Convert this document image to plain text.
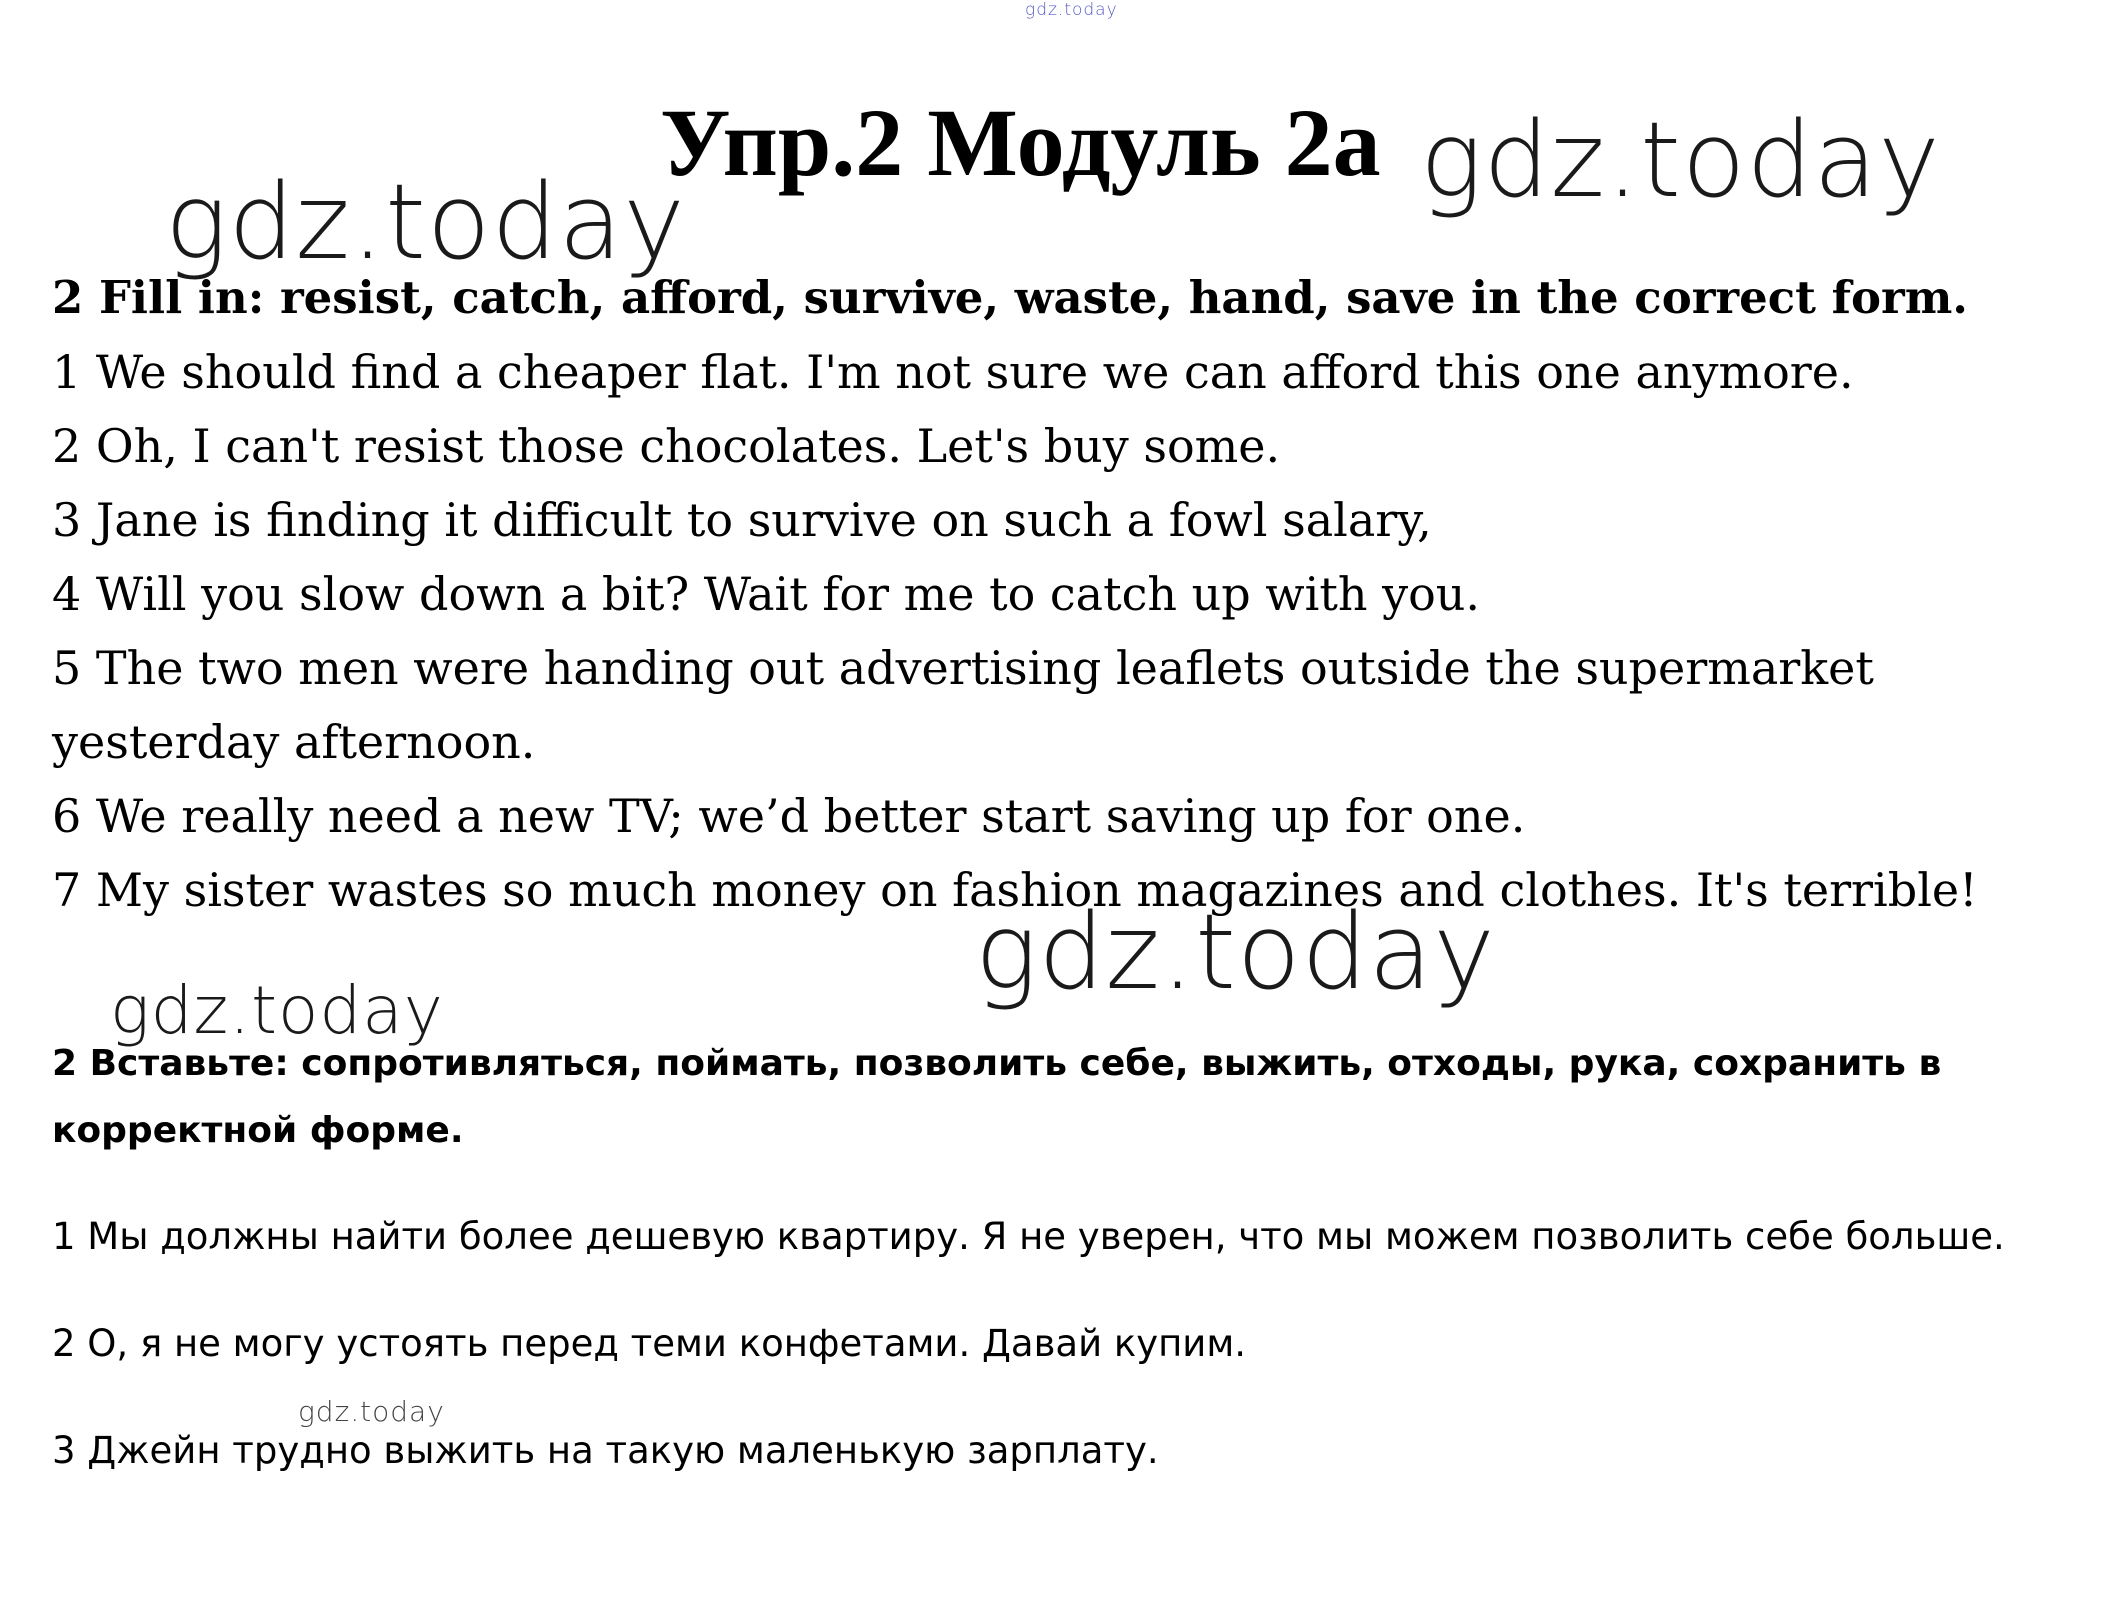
Упр.2 Модуль 2a
2 Fill in: resist, catch, afford, survive, waste, hand, save in the correct form.
1 We should find a cheaper flat. I'm not sure we can afford this one anymore.
2 Oh, I can't resist those chocolates. Let's buy some.
3 Jane is finding it difficult to survive on such a fowl salary,
4 Will you slow down a bit? Wait for me to catch up with you.
5 The two men were handing out advertising leaflets outside the supermarket
yesterday afternoon.
6 We really need a new TV; we’d better start saving up for one.
7 My sister wastes so much money on fashion magazines and clothes. It's terrible!
2 Вставьте: сопротивляться, поймать, позволить себе, выжить, отходы, рука, сохранить в
корректной форме.
1 Мы должны найти более дешевую квартиру. Я не уверен, что мы можем позволить себе больше.
2 О, я не могу устоять перед теми конфетами. Давай купим.
3 Джейн трудно выжить на такую маленькую зарплату.
gdz.today
gdz.today
gdz.today
gdz.today
gdz.today
gdz.today
